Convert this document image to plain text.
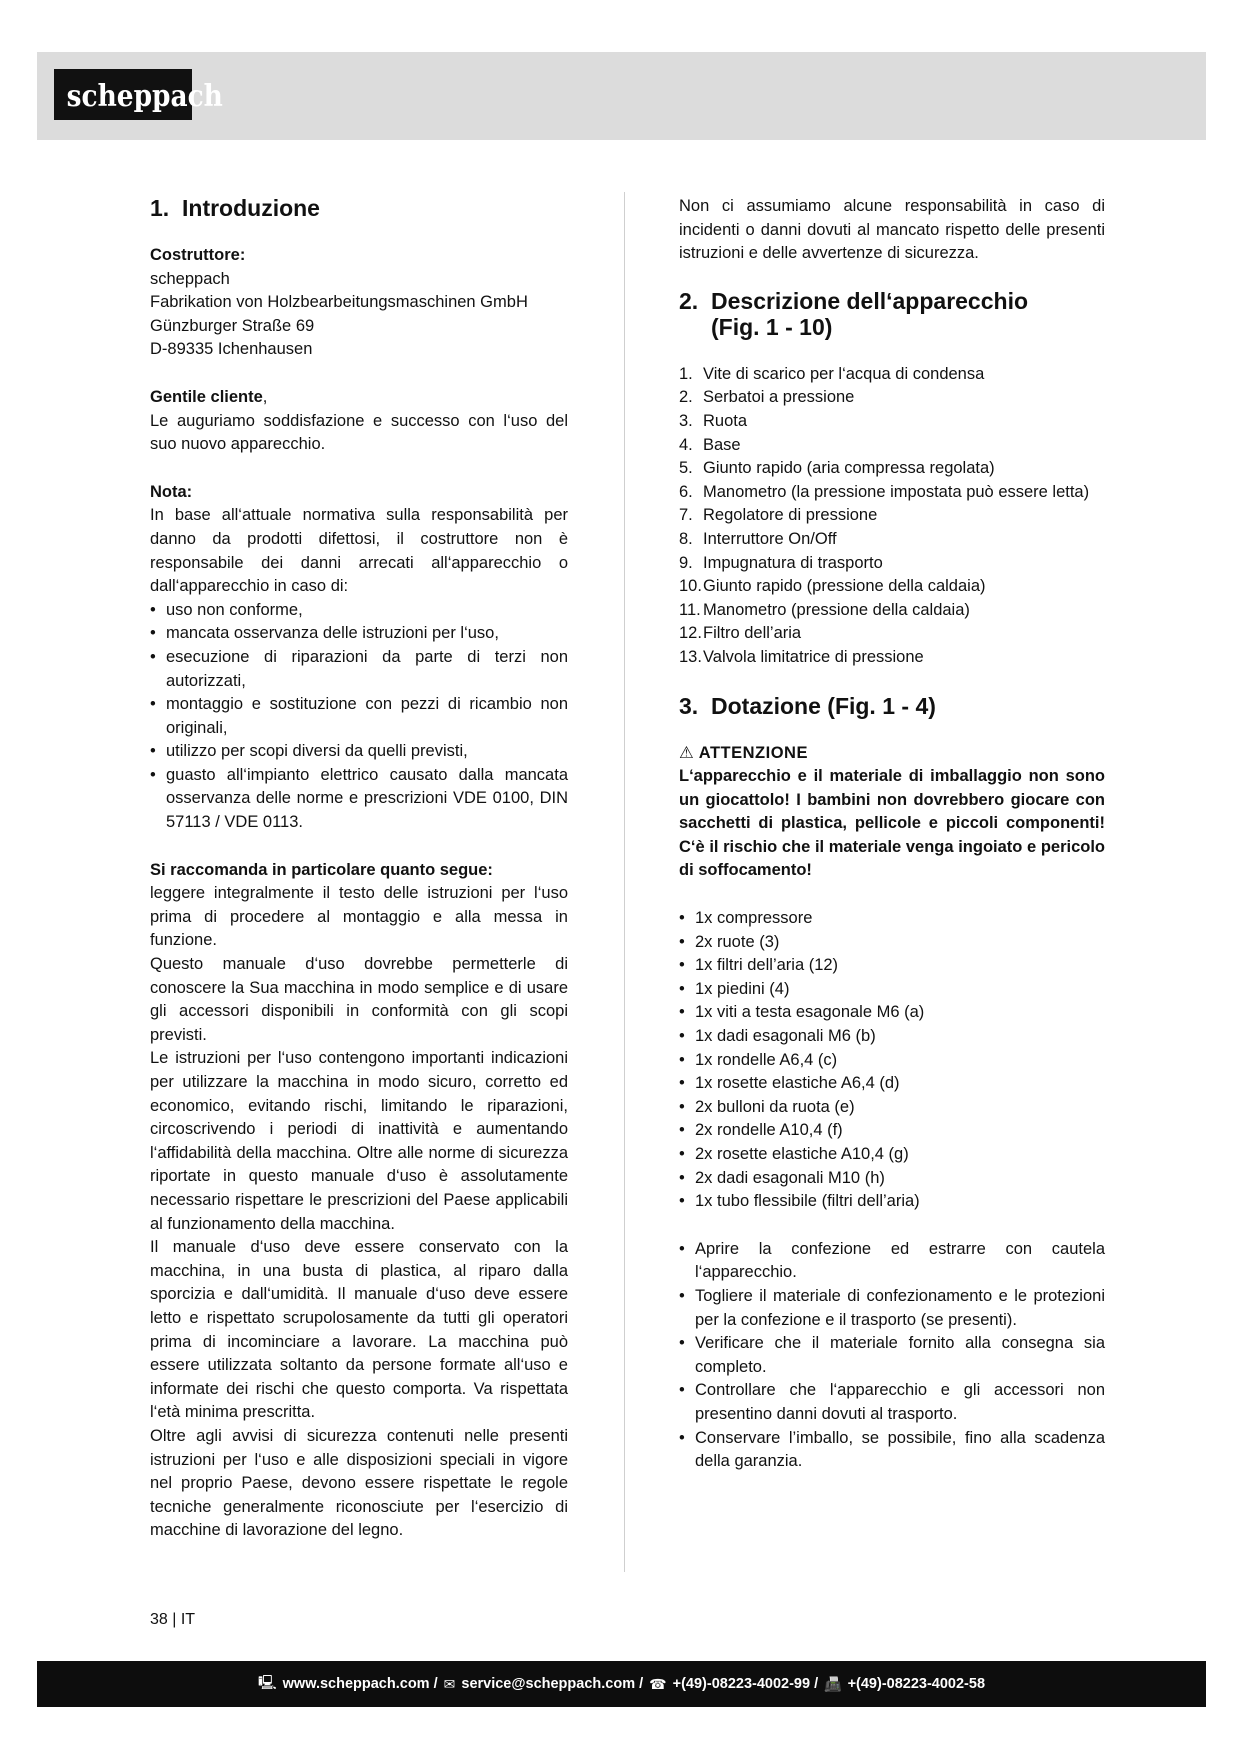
scheppach
1. Introduzione

Costruttore:

scheppach

Fabrikation von Holzbearbeitungsmaschinen GmbH

Günzburger Straße 69

D-89335 Ichenhausen

Gentile cliente,

Le auguriamo soddisfazione e successo con l‘uso del suo nuovo apparecchio.

Nota:

In base all‘attuale normativa sulla responsabilità per danno da prodotti difettosi, il costruttore non è responsabile dei danni arrecati all‘apparecchio o dall‘apparecchio in caso di:

• uso non conforme,
• mancata osservanza delle istruzioni per l‘uso,
• esecuzione di riparazioni da parte di terzi non autorizzati,
• montaggio e sostituzione con pezzi di ricambio non originali,
• utilizzo per scopi diversi da quelli previsti,
• guasto all‘impianto elettrico causato dalla mancata osservanza delle norme e prescrizioni VDE 0100, DIN 57113 / VDE 0113.

Si raccomanda in particolare quanto segue:

leggere integralmente il testo delle istruzioni per l‘uso prima di procedere al montaggio e alla messa in funzione.

Questo manuale d‘uso dovrebbe permetterle di conoscere la Sua macchina in modo semplice e di usare gli accessori disponibili in conformità con gli scopi previsti.

Le istruzioni per l‘uso contengono importanti indicazioni per utilizzare la macchina in modo sicuro, corretto ed economico, evitando rischi, limitando le riparazioni, circoscrivendo i periodi di inattività e aumentando l‘affidabilità della macchina. Oltre alle norme di sicurezza riportate in questo manuale d‘uso è assolutamente necessario rispettare le prescrizioni del Paese applicabili al funzionamento della macchina.

Il manuale d‘uso deve essere conservato con la macchina, in una busta di plastica, al riparo dalla sporcizia e dall‘umidità. Il manuale d‘uso deve essere letto e rispettato scrupolosamente da tutti gli operatori prima di incominciare a lavorare. La macchina può essere utilizzata soltanto da persone formate all‘uso e informate dei rischi che questo comporta. Va rispettata l‘età minima prescritta.

Oltre agli avvisi di sicurezza contenuti nelle presenti istruzioni per l‘uso e alle disposizioni speciali in vigore nel proprio Paese, devono essere rispettate le regole tecniche generalmente riconosciute per l‘esercizio di macchine di lavorazione del legno.

Non ci assumiamo alcune responsabilità in caso di incidenti o danni dovuti al mancato rispetto delle presenti istruzioni e delle avvertenze di sicurezza.

2. Descrizione dell‘apparecchio
(Fig. 1 - 10)
1. Vite di scarico per l‘acqua di condensa
2. Serbatoi a pressione
3. Ruota
4. Base
5. Giunto rapido (aria compressa regolata)
6. Manometro (la pressione impostata può essere letta)
7. Regolatore di pressione
8. Interruttore On/Off
9. Impugnatura di trasporto
10. Giunto rapido (pressione della caldaia)
11. Manometro (pressione della caldaia)
12. Filtro dell’aria
13. Valvola limitatrice di pressione
3. Dotazione (Fig. 1 - 4)

⚠ ATTENZIONE

L‘apparecchio e il materiale di imballaggio non sono un giocattolo! I bambini non dovrebbero giocare con sacchetti di plastica, pellicole e piccoli componenti! C‘è il rischio che il materiale venga ingoiato e pericolo di soffocamento!

• 1x compressore
• 2x ruote (3)
• 1x filtri dell’aria (12)
• 1x piedini (4)
• 1x viti a testa esagonale M6 (a)
• 1x dadi esagonali M6 (b)
• 1x rondelle A6,4 (c)
• 1x rosette elastiche A6,4 (d)
• 2x bulloni da ruota (e)
• 2x rondelle A10,4 (f)
• 2x rosette elastiche A10,4 (g)
• 2x dadi esagonali M10 (h)
• 1x tubo flessibile (filtri dell’aria)
• Aprire la confezione ed estrarre con cautela l‘apparecchio.
• Togliere il materiale di confezionamento e le protezioni per la confezione e il trasporto (se presenti).
• Verificare che il materiale fornito alla consegna sia completo.
• Controllare che l‘apparecchio e gli accessori non presentino danni dovuti al trasporto.
• Conservare l’imballo, se possibile, fino alla scadenza della garanzia.
38 | IT
🖳 www.scheppach.com / ✉ service@scheppach.com / ☎ +(49)-08223-4002-99 / 📠 +(49)-08223-4002-58
